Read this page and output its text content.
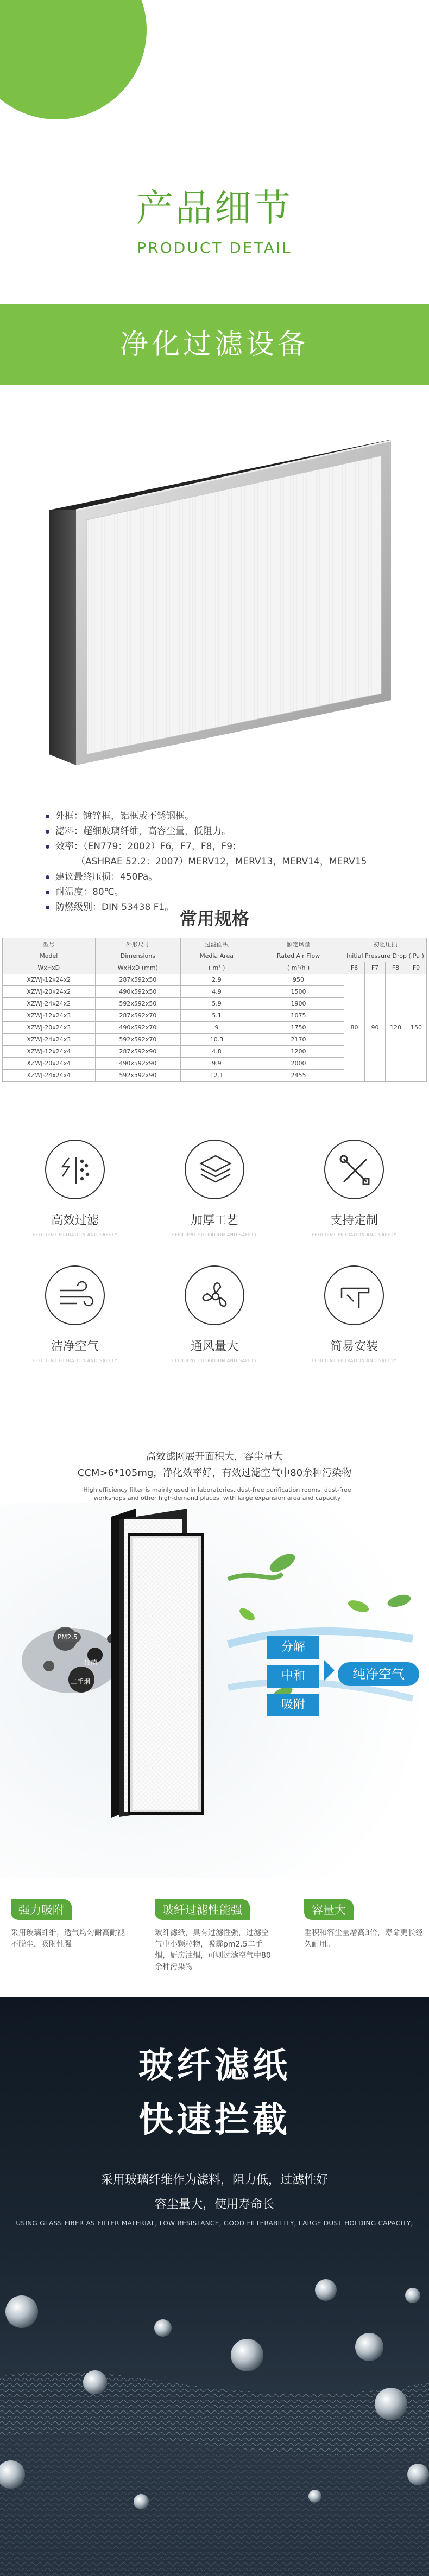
产品细节
PRODUCT DETAIL
净化过滤设备
外框：镀锌框，铝框或不锈钢框。
滤料：超细玻璃纤维，高容尘量，低阻力。
效率：（EN779：2002）F6，F7，F8，F9；
（ASHRAE 52.2：2007）MERV12，MERV13，MERV14，MERV15
建议最终压损：450Pa。
耐温度：80℃。
防燃级别：DIN 53438 F1。
常用规格
型号	外形尺寸	过滤面积	额定风量	初阻压损			
Model	Dimensions	Media Area	Rated Air Flow	Initial Pressure Drop ( Pa )			
WxHxD	WxHxD (mm)	( m² )	( m³/h )	F6	F7	F8	F9
XZWJ-12x24x2	287x592x50	2.9	950	80	90	120	150
XZWJ-20x24x2	490x592x50	4.9	1500				
XZWJ-24x24x2	592x592x50	5.9	1900				
XZWJ-12x24x3	287x592x70	5.1	1075				
XZWJ-20x24x3	490x592x70	9	1750				
XZWJ-24x24x3	592x592x70	10.3	2170				
XZWJ-12x24x4	287x592x90	4.8	1200				
XZWJ-20x24x4	490x592x90	9.9	2000				
XZWJ-24x24x4	592x592x90	12.1	2455				
高效过滤
EFFICIENT FILTRATION AND SAFETY
加厚工艺
EFFICIENT FILTRATION AND SAFETY
支持定制
EFFICIENT FILTRATION AND SAFETY
洁净空气
EFFICIENT FILTRATION AND SAFETY
通风量大
EFFICIENT FILTRATION AND SAFETY
简易安装
EFFICIENT FILTRATION AND SAFETY
高效滤网展开面积大，容尘量大
CCM>6*105mg，净化效率好，有效过滤空气中80余种污染物
High efficiency filter is mainly used in laboratories, dust-free purification rooms, dust-free workshops and other high-demand places, with large expansion area and capacity
PM2.5
细菌
二手烟
分解
中和
吸附
纯净空气
强力吸附
采用玻璃纤维，透气均匀耐高耐褪不脱尘，吸附性强
玻纤过滤性能强
玻纤滤纸，具有过滤性强，过滤空气中小颗粒物，吸霾pm2.5二手烟，厨房油烟，可则过滤空气中80余种污染物
容量大
垂积和容尘量增高3倍，寿命更长经久耐用。
玻纤滤纸
快速拦截
采用玻璃纤维作为滤料，阻力低，过滤性好
容尘量大，使用寿命长
USING GLASS FIBER AS FILTER MATERIAL, LOW RESISTANCE, GOOD FILTERABILITY, LARGE DUST HOLDING CAPACITY,
